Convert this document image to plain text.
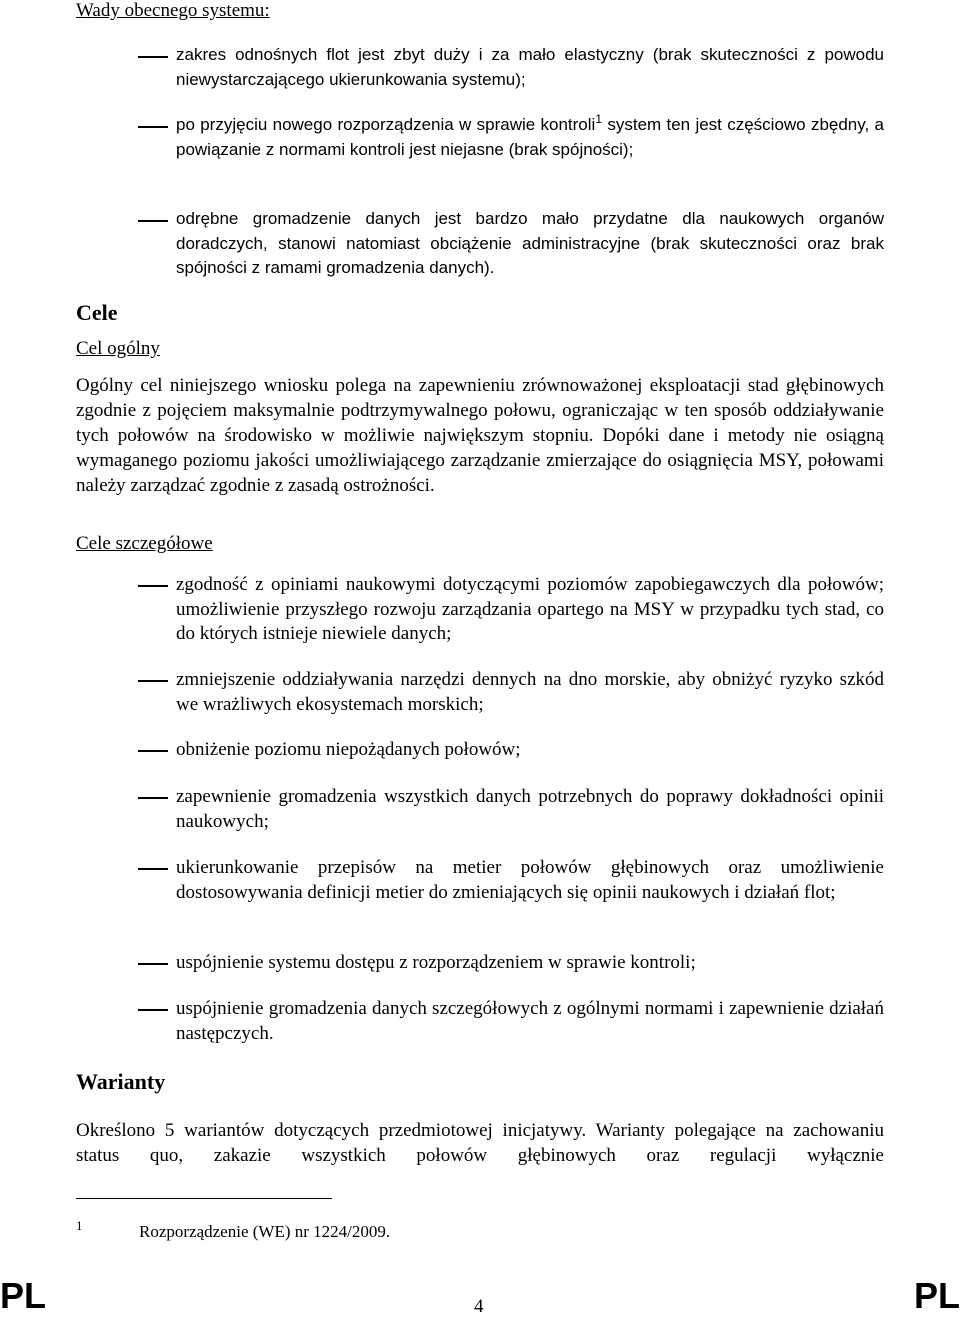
Wady obecnego systemu:
zakres odnośnych flot jest zbyt duży i za mało elastyczny (brak skuteczności z powodu niewystarczającego ukierunkowania systemu);
po przyjęciu nowego rozporządzenia w sprawie kontroli$^1$ system ten jest częściowo zbędny, a powiązanie z normami kontroli jest niejasne (brak spójności);
odrębne gromadzenie danych jest bardzo mało przydatne dla naukowych organów doradczych, stanowi natomiast obciążenie administracyjne (brak skuteczności oraz brak spójności z ramami gromadzenia danych).
Cele
Cel ogólny
Ogólny cel niniejszego wniosku polega na zapewnieniu zrównoważonej eksploatacji stad głębinowych zgodnie z pojęciem maksymalnie podtrzymywalnego połowu, ograniczając w ten sposób oddziaływanie tych połowów na środowisko w możliwie największym stopniu. Dopóki dane i metody nie osiągną wymaganego poziomu jakości umożliwiającego zarządzanie zmierzające do osiągnięcia MSY, połowami należy zarządzać zgodnie z zasadą ostrożności.
Cele szczegółowe
zgodność z opiniami naukowymi dotyczącymi poziomów zapobiegawczych dla połowów; umożliwienie przyszłego rozwoju zarządzania opartego na MSY w przypadku tych stad, co do których istnieje niewiele danych;
zmniejszenie oddziaływania narzędzi dennych na dno morskie, aby obniżyć ryzyko szkód we wrażliwych ekosystemach morskich;
obniżenie poziomu niepożądanych połowów;
zapewnienie gromadzenia wszystkich danych potrzebnych do poprawy dokładności opinii naukowych;
ukierunkowanie przepisów na metier połowów głębinowych oraz umożliwienie dostosowywania definicji metier do zmieniających się opinii naukowych i działań flot;
uspójnienie systemu dostępu z rozporządzeniem w sprawie kontroli;
uspójnienie gromadzenia danych szczegółowych z ogólnymi normami i zapewnienie działań następczych.
Warianty
Określono 5 wariantów dotyczących przedmiotowej inicjatywy. Warianty polegające na zachowaniu status quo, zakazie wszystkich połowów głębinowych oraz regulacji wyłącznie
1	Rozporządzenie (WE) nr 1224/2009.
PL	4	PL
